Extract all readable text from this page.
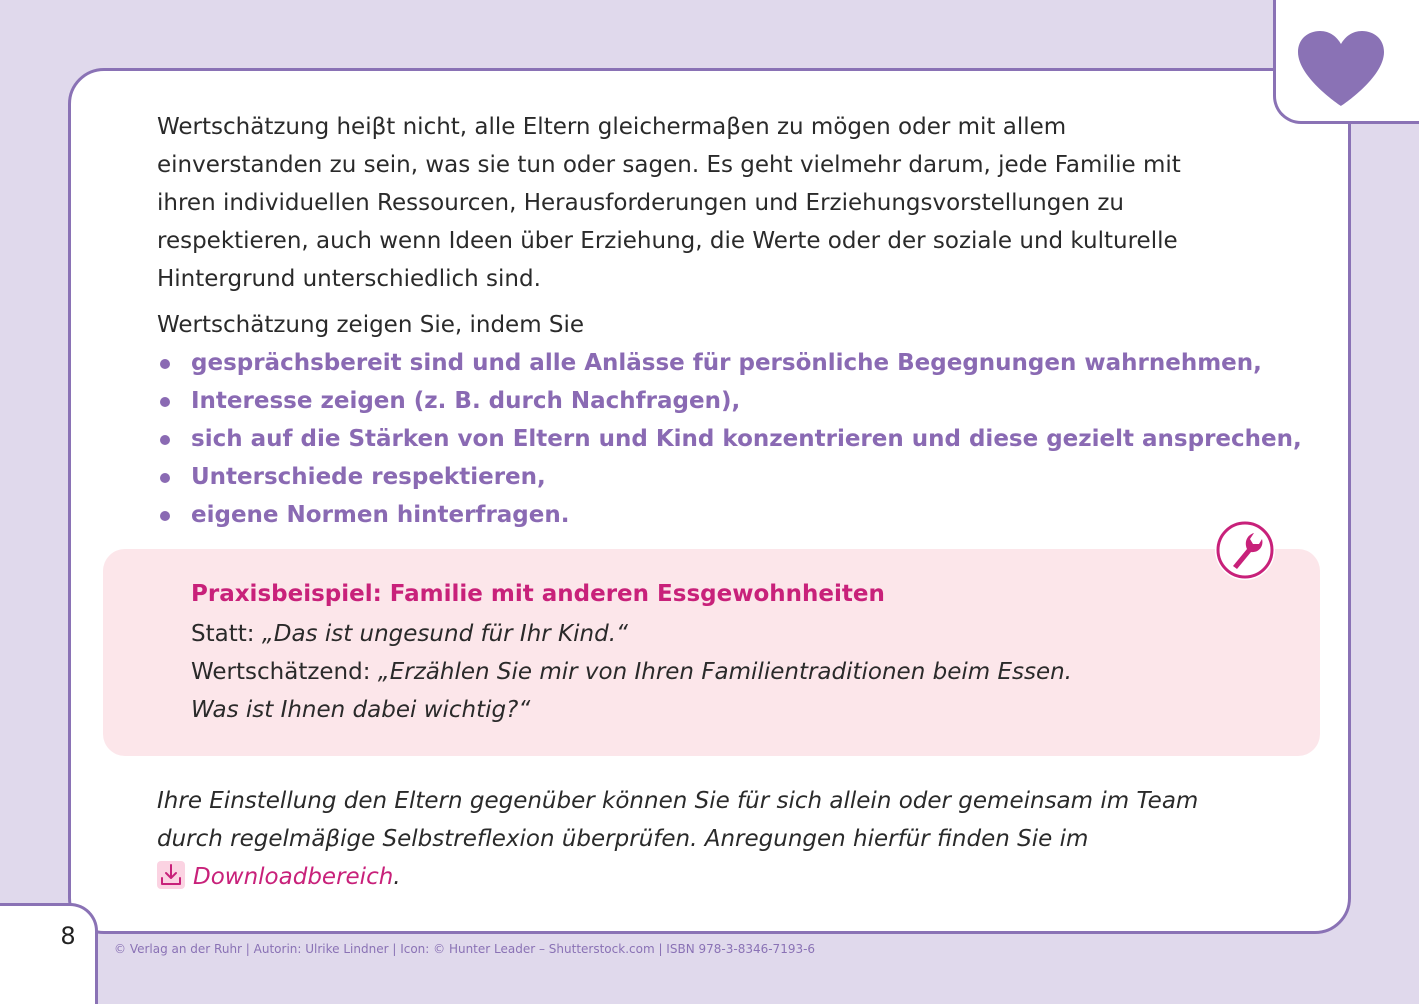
Wertschätzung heiβt nicht, alle Eltern gleichermaβen zu mögen oder mit allem einverstanden zu sein, was sie tun oder sagen. Es geht vielmehr darum, jede Familie mit ihren individuellen Ressourcen, Herausforderungen und Erziehungsvorstellungen zu respektieren, auch wenn Ideen über Erziehung, die Werte oder der soziale und kulturelle Hintergrund unterschiedlich sind.

Wertschätzung zeigen Sie, indem Sie
gesprächsbereit sind und alle Anlässe für persönliche Begegnungen wahrnehmen,
Interesse zeigen (z. B. durch Nachfragen),
sich auf die Stärken von Eltern und Kind konzentrieren und diese gezielt ansprechen,
Unterschiede respektieren,
eigene Normen hinterfragen.
Praxisbeispiel: Familie mit anderen Essgewohnheiten
Statt: „Das ist ungesund für Ihr Kind.“
Wertschätzend: „Erzählen Sie mir von Ihren Familientraditionen beim Essen.
Was ist Ihnen dabei wichtig?“
Ihre Einstellung den Eltern gegenüber können Sie für sich allein oder gemeinsam im Team durch regelmäβige Selbstreflexion überprüfen. Anregungen hierfür finden Sie im
Downloadbereich.
8	© Verlag an der Ruhr | Autorin: Ulrike Lindner | Icon: © Hunter Leader – Shutterstock.com | ISBN 978-3-8346-7193-6
